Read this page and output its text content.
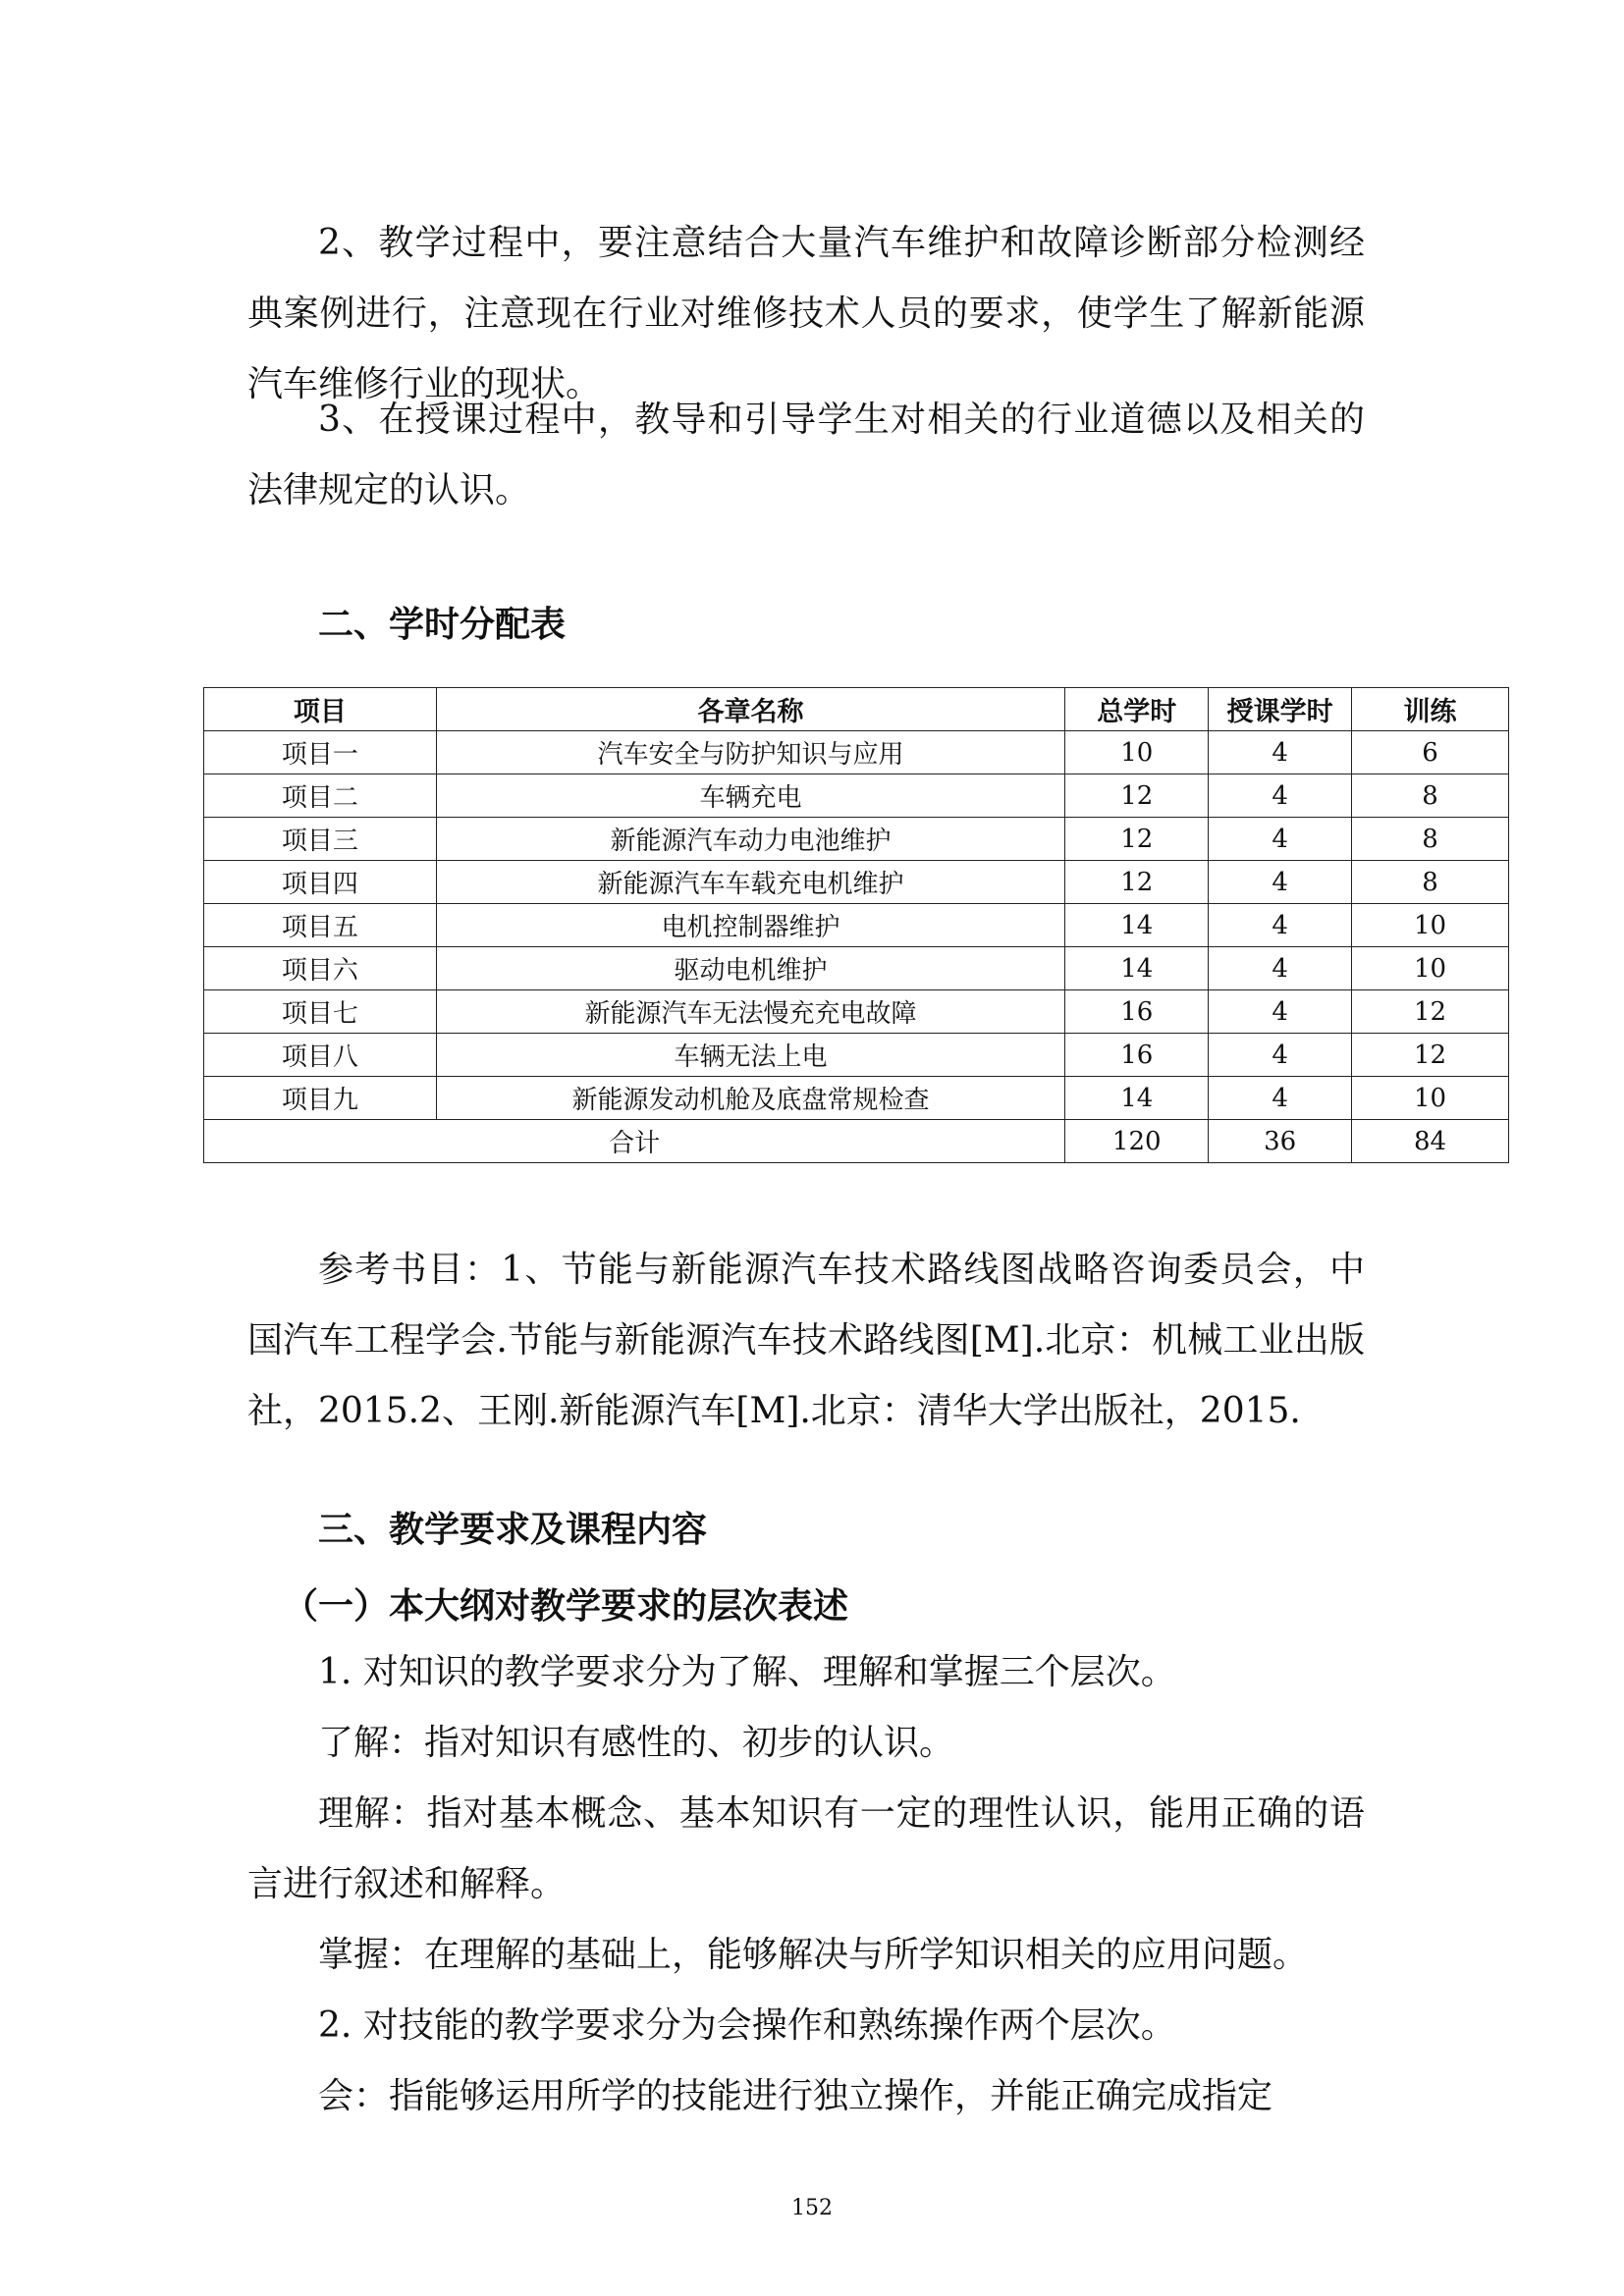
2、教学过程中，要注意结合大量汽车维护和故障诊断部分检测经典案例进行，注意现在行业对维修技术人员的要求，使学生了解新能源汽车维修行业的现状。

3、在授课过程中，教导和引导学生对相关的行业道德以及相关的法律规定的认识。

二、学时分配表
项目	各章名称	总学时	授课学时	训练
项目一	汽车安全与防护知识与应用	10	4	6
项目二	车辆充电	12	4	8
项目三	新能源汽车动力电池维护	12	4	8
项目四	新能源汽车车载充电机维护	12	4	8
项目五	电机控制器维护	14	4	10
项目六	驱动电机维护	14	4	10
项目七	新能源汽车无法慢充充电故障	16	4	12
项目八	车辆无法上电	16	4	12
项目九	新能源发动机舱及底盘常规检查	14	4	10
合计		120	36	84

参考书目：1、节能与新能源汽车技术路线图战略咨询委员会，中国汽车工程学会.节能与新能源汽车技术路线图[M].北京：机械工业出版社，2015.2、王刚.新能源汽车[M].北京：清华大学出版社，2015.

三、教学要求及课程内容
（一）本大纲对教学要求的层次表述

1. 对知识的教学要求分为了解、理解和掌握三个层次。

了解：指对知识有感性的、初步的认识。

理解：指对基本概念、基本知识有一定的理性认识，能用正确的语言进行叙述和解释。

掌握：在理解的基础上，能够解决与所学知识相关的应用问题。

2. 对技能的教学要求分为会操作和熟练操作两个层次。

会：指能够运用所学的技能进行独立操作，并能正确完成指定

152
